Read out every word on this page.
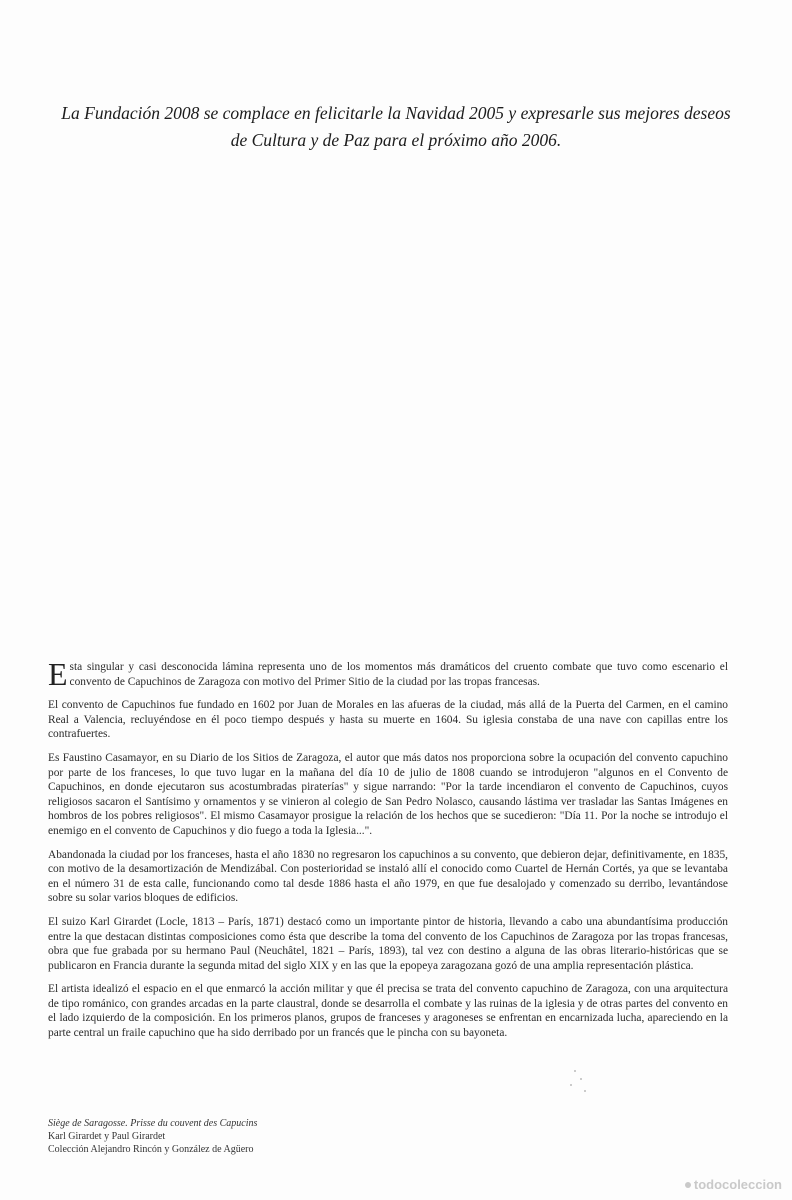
La Fundación 2008 se complace en felicitarle la Navidad 2005 y expresarle sus mejores deseos
de Cultura y de Paz para el próximo año 2006.

Esta singular y casi desconocida lámina representa uno de los momentos más dramáticos del cruento combate que tuvo como escenario el convento de Capuchinos de Zaragoza con motivo del Primer Sitio de la ciudad por las tropas francesas.

El convento de Capuchinos fue fundado en 1602 por Juan de Morales en las afueras de la ciudad, más allá de la Puerta del Carmen, en el camino Real a Valencia, recluyéndose en él poco tiempo después y hasta su muerte en 1604. Su iglesia constaba de una nave con capillas entre los contrafuertes.

Es Faustino Casamayor, en su Diario de los Sitios de Zaragoza, el autor que más datos nos proporciona sobre la ocupación del convento capuchino por parte de los franceses, lo que tuvo lugar en la mañana del día 10 de julio de 1808 cuando se introdujeron "algunos en el Convento de Capuchinos, en donde ejecutaron sus acostumbradas piraterías" y sigue narrando: "Por la tarde incendiaron el convento de Capuchinos, cuyos religiosos sacaron el Santísimo y ornamentos y se vinieron al colegio de San Pedro Nolasco, causando lástima ver trasladar las Santas Imágenes en hombros de los pobres religiosos". El mismo Casamayor prosigue la relación de los hechos que se sucedieron: "Día 11. Por la noche se introdujo el enemigo en el convento de Capuchinos y dio fuego a toda la Iglesia...".

Abandonada la ciudad por los franceses, hasta el año 1830 no regresaron los capuchinos a su convento, que debieron dejar, definitivamente, en 1835, con motivo de la desamortización de Mendizábal. Con posterioridad se instaló allí el conocido como Cuartel de Hernán Cortés, ya que se levantaba en el número 31 de esta calle, funcionando como tal desde 1886 hasta el año 1979, en que fue desalojado y comenzado su derribo, levantándose sobre su solar varios bloques de edificios.

El suizo Karl Girardet (Locle, 1813 – París, 1871) destacó como un importante pintor de historia, llevando a cabo una abundantísima producción entre la que destacan distintas composiciones como ésta que describe la toma del convento de los Capuchinos de Zaragoza por las tropas francesas, obra que fue grabada por su hermano Paul (Neuchâtel, 1821 – París, 1893), tal vez con destino a alguna de las obras literario-históricas que se publicaron en Francia durante la segunda mitad del siglo XIX y en las que la epopeya zaragozana gozó de una amplia representación plástica.

El artista idealizó el espacio en el que enmarcó la acción militar y que él precisa se trata del convento capuchino de Zaragoza, con una arquitectura de tipo románico, con grandes arcadas en la parte claustral, donde se desarrolla el combate y las ruinas de la iglesia y de otras partes del convento en el lado izquierdo de la composición. En los primeros planos, grupos de franceses y aragoneses se enfrentan en encarnizada lucha, apareciendo en la parte central un fraile capuchino que ha sido derribado por un francés que le pincha con su bayoneta.

Siège de Saragosse. Prisse du couvent des Capucins
Karl Girardet y Paul Girardet
Colección Alejandro Rincón y González de Agüero
todocoleccion
